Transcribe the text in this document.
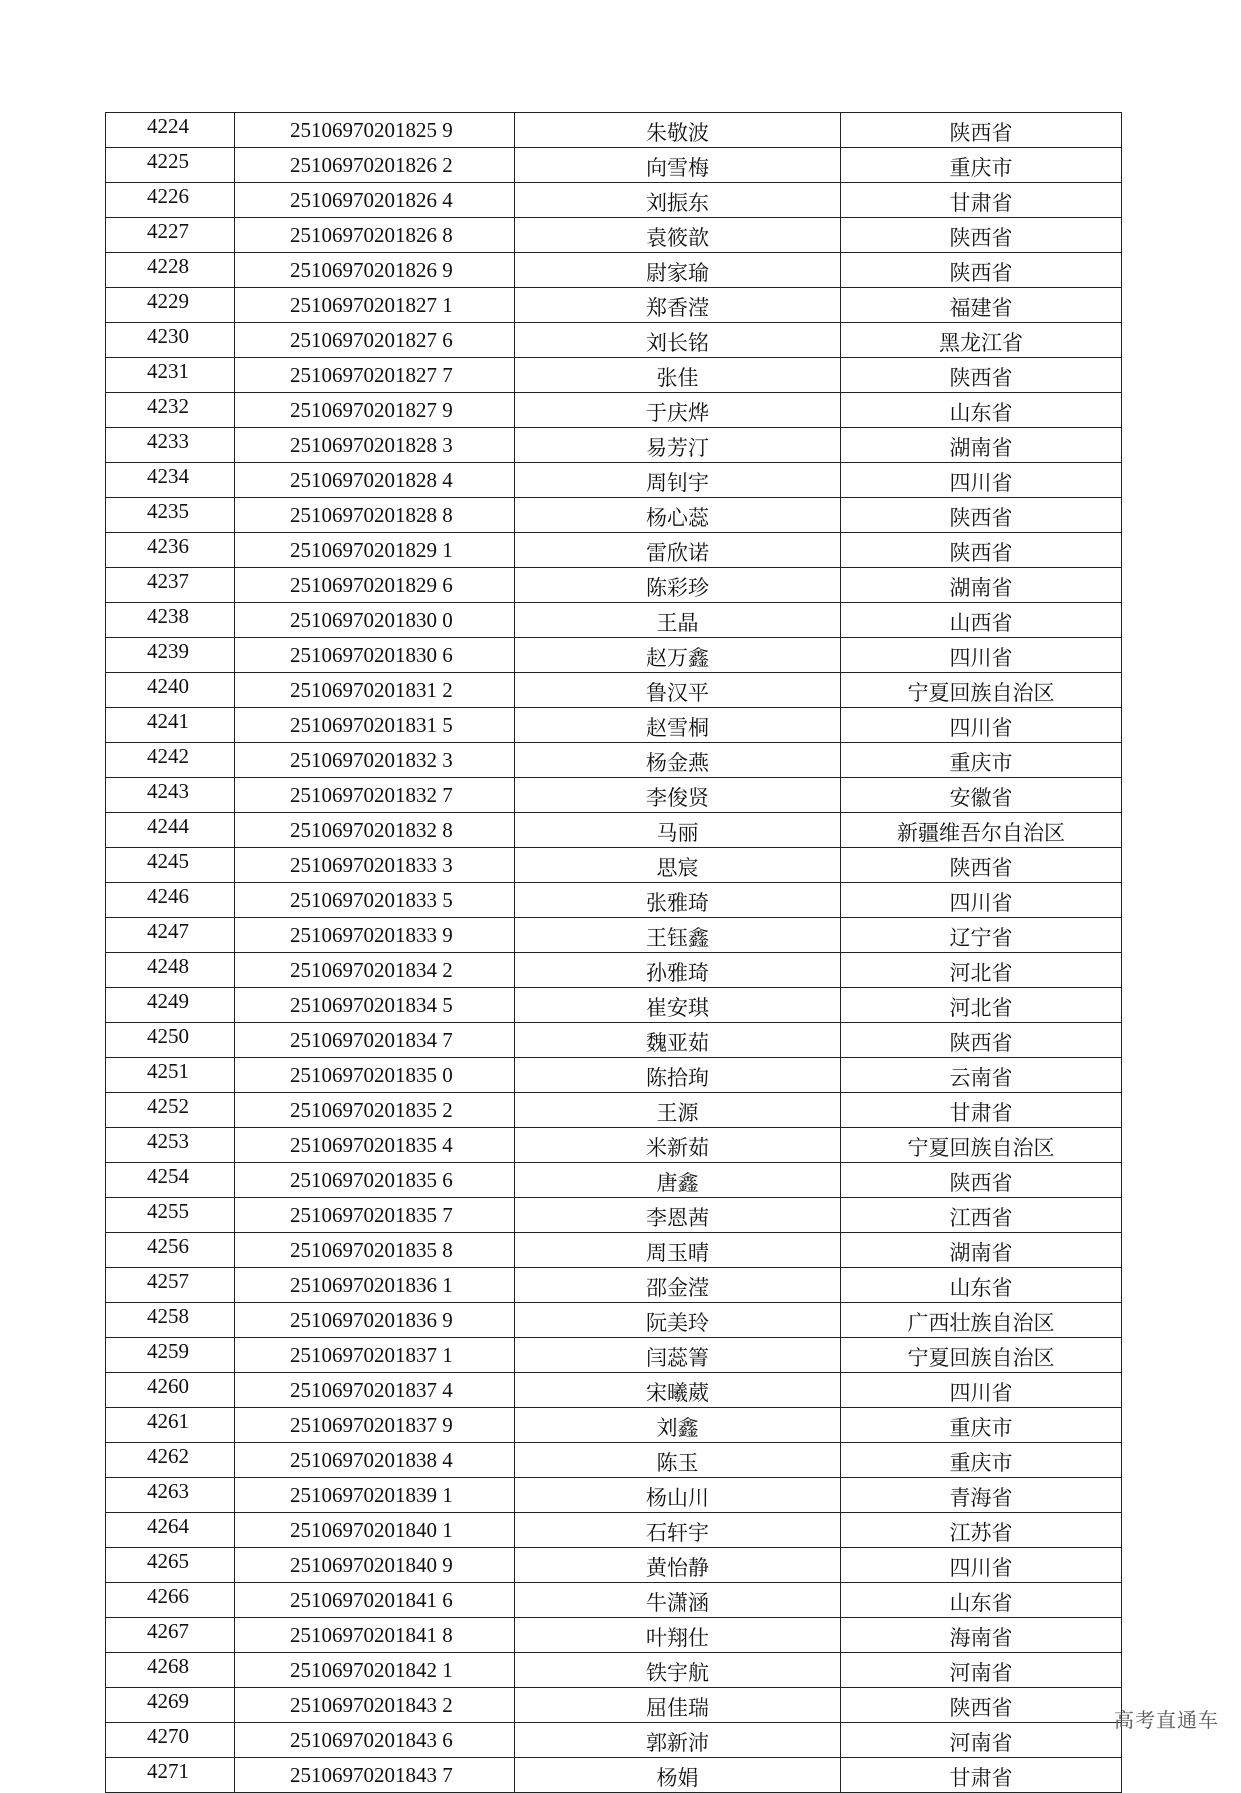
4224	25106970201825 9	朱敬波	陕西省
4225	25106970201826 2	向雪梅	重庆市
4226	25106970201826 4	刘振东	甘肃省
4227	25106970201826 8	袁筱歆	陕西省
4228	25106970201826 9	尉家瑜	陕西省
4229	25106970201827 1	郑香滢	福建省
4230	25106970201827 6	刘长铭	黑龙江省
4231	25106970201827 7	张佳	陕西省
4232	25106970201827 9	于庆烨	山东省
4233	25106970201828 3	易芳汀	湖南省
4234	25106970201828 4	周钊宇	四川省
4235	25106970201828 8	杨心蕊	陕西省
4236	25106970201829 1	雷欣诺	陕西省
4237	25106970201829 6	陈彩珍	湖南省
4238	25106970201830 0	王晶	山西省
4239	25106970201830 6	赵万鑫	四川省
4240	25106970201831 2	鲁汉平	宁夏回族自治区
4241	25106970201831 5	赵雪桐	四川省
4242	25106970201832 3	杨金燕	重庆市
4243	25106970201832 7	李俊贤	安徽省
4244	25106970201832 8	马丽	新疆维吾尔自治区
4245	25106970201833 3	思宸	陕西省
4246	25106970201833 5	张雅琦	四川省
4247	25106970201833 9	王钰鑫	辽宁省
4248	25106970201834 2	孙雅琦	河北省
4249	25106970201834 5	崔安琪	河北省
4250	25106970201834 7	魏亚茹	陕西省
4251	25106970201835 0	陈拾珣	云南省
4252	25106970201835 2	王源	甘肃省
4253	25106970201835 4	米新茹	宁夏回族自治区
4254	25106970201835 6	唐鑫	陕西省
4255	25106970201835 7	李恩茜	江西省
4256	25106970201835 8	周玉晴	湖南省
4257	25106970201836 1	邵金滢	山东省
4258	25106970201836 9	阮美玲	广西壮族自治区
4259	25106970201837 1	闫蕊箐	宁夏回族自治区
4260	25106970201837 4	宋曦葳	四川省
4261	25106970201837 9	刘鑫	重庆市
4262	25106970201838 4	陈玉	重庆市
4263	25106970201839 1	杨山川	青海省
4264	25106970201840 1	石轩宇	江苏省
4265	25106970201840 9	黄怡静	四川省
4266	25106970201841 6	牛潇涵	山东省
4267	25106970201841 8	叶翔仕	海南省
4268	25106970201842 1	铁宇航	河南省
4269	25106970201843 2	屈佳瑞	陕西省
4270	25106970201843 6	郭新沛	河南省
4271	25106970201843 7	杨娟	甘肃省
高考直通车
